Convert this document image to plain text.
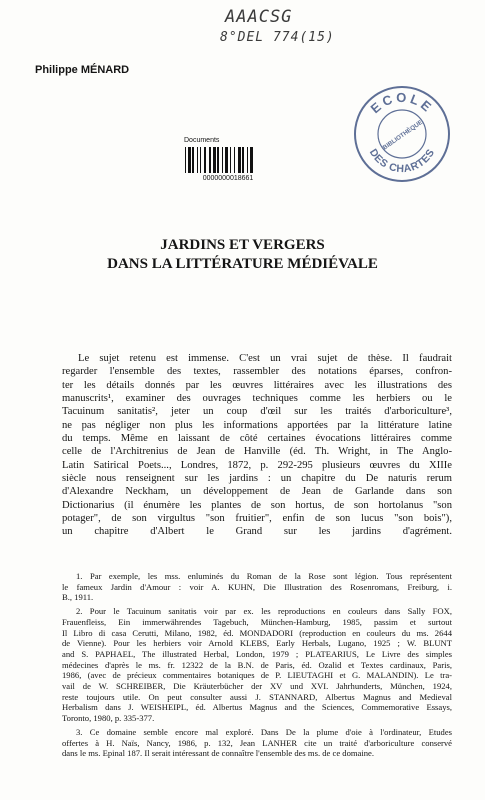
AAACSG
8°DEL 774(15)
Philippe MÉNARD
ECOLE
DES CHARTES
BIBLIOTHÈQUE
Documents
0000000018661
JARDINS ET VERGERS
DANS LA LITTÉRATURE MÉDIÉVALE
Le sujet retenu est immense. C'est un vrai sujet de thèse. Il faudrait
regarder l'ensemble des textes, rassembler des notations éparses, confron-
ter les détails donnés par les œuvres littéraires avec les illustrations des
manuscrits¹, examiner des ouvrages techniques comme les herbiers ou le
Tacuinum sanitatis², jeter un coup d'œil sur les traités d'arboriculture³,
ne pas négliger non plus les informations apportées par la littérature latine
du temps. Même en laissant de côté certaines évocations littéraires comme
celle de l'Architrenius de Jean de Hanville (éd. Th. Wright, in The Anglo-
Latin Satirical Poets..., Londres, 1872, p. 292-295 plusieurs œuvres du XIIIe
siècle nous renseignent sur les jardins : un chapitre du De naturis rerum
d'Alexandre Neckham, un développement de Jean de Garlande dans son
Dictionarius (il énumère les plantes de son hortus, de son hortolanus "son
potager", de son virgultus "son fruitier", enfin de son lucus "son bois"),
un chapitre d'Albert le Grand sur les jardins d'agrément.
1. Par exemple, les mss. enluminés du Roman de la Rose sont légion. Tous représentent
le fameux Jardin d'Amour : voir A. KUHN, Die Illustration des Rosenromans, Freiburg, i.
B., 1911.
2. Pour le Tacuinum sanitatis voir par ex. les reproductions en couleurs dans Sally FOX,
Frauenfleiss, Ein immerwährendes Tagebuch, München-Hamburg, 1985, passim et surtout
Il Libro di casa Cerutti, Milano, 1982, éd. MONDADORI (reproduction en couleurs du ms. 2644
de Vienne). Pour les herbiers voir Arnold KLEBS, Early Herbals, Lugano, 1925 ; W. BLUNT
and S. PAPHAEL, The illustrated Herbal, London, 1979 ; PLATEARIUS, Le Livre des simples
médecines d'après le ms. fr. 12322 de la B.N. de Paris, éd. Ozalid et Textes cardinaux, Paris,
1986, (avec de précieux commentaires botaniques de P. LIEUTAGHI et G. MALANDIN). Le tra-
vail de W. SCHREIBER, Die Kräuterbücher der XV und XVI. Jahrhunderts, München, 1924,
reste toujours utile. On peut consulter aussi J. STANNARD, Albertus Magnus and Medieval
Herbalism dans J. WEISHEIPL, éd. Albertus Magnus and the Sciences, Commemorative Essays,
Toronto, 1980, p. 335-377.
3. Ce domaine semble encore mal exploré. Dans De la plume d'oie à l'ordinateur, Etudes
offertes à H. Naïs, Nancy, 1986, p. 132, Jean LANHER cite un traité d'arboriculture conservé
dans le ms. Epinal 187. Il serait intéressant de connaître l'ensemble des ms. de ce domaine.
